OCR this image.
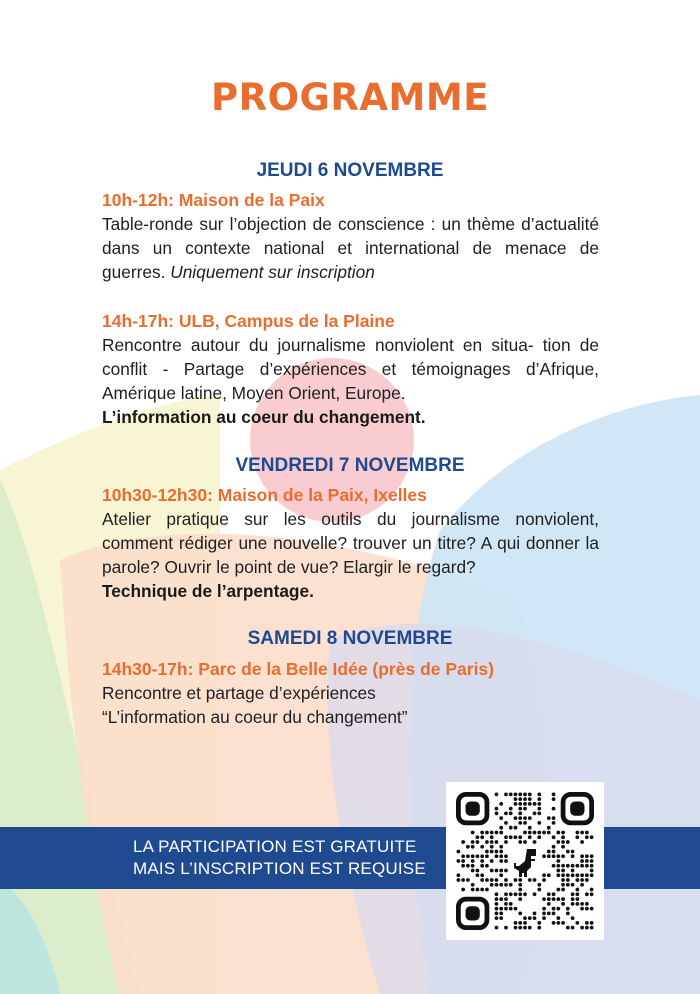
PROGRAMME
JEUDI 6 NOVEMBRE
10h-12h: Maison de la Paix
Table-ronde sur l’objection de conscience : un thème d’actualité dans un contexte national et international de menace de guerres. Uniquement sur inscription
14h-17h: ULB, Campus de la Plaine
Rencontre autour du journalisme nonviolent en situa- tion de conflit - Partage d’expériences et témoignages d’Afrique, Amérique latine, Moyen Orient, Europe.
L’information au coeur du changement.
VENDREDI 7 NOVEMBRE
10h30-12h30: Maison de la Paix, Ixelles
Atelier pratique sur les outils du journalisme nonviolent, comment rédiger une nouvelle? trouver un titre? A qui donner la parole? Ouvrir le point de vue? Elargir le regard?
Technique de l’arpentage.
SAMEDI 8 NOVEMBRE
14h30-17h: Parc de la Belle Idée (près de Paris)
Rencontre et partage d’expériences
“L’information au coeur du changement”
LA PARTICIPATION EST GRATUITE
MAIS L’INSCRIPTION EST REQUISE
